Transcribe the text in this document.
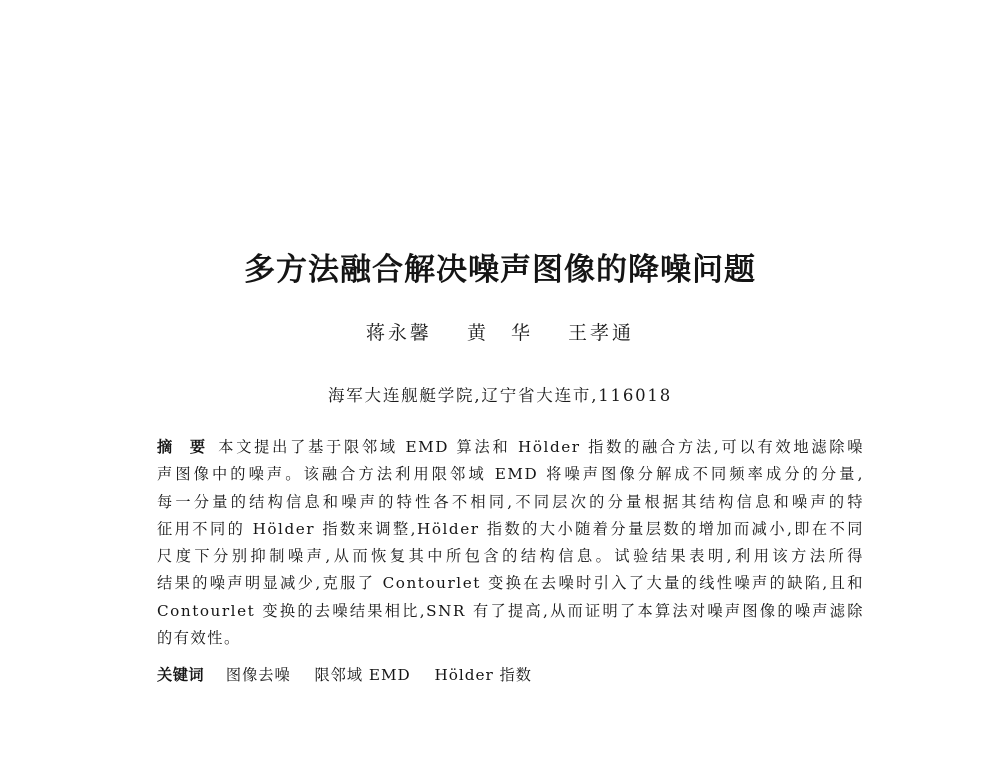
多方法融合解决噪声图像的降噪问题
蒋永馨 黄　华 王孝通
海军大连舰艇学院,辽宁省大连市,116018
摘　要 本文提出了基于限邻域 EMD 算法和 Hölder 指数的融合方法,可以有效地滤除噪
声图像中的噪声。该融合方法利用限邻域 EMD 将噪声图像分解成不同频率成分的分量,
每一分量的结构信息和噪声的特性各不相同,不同层次的分量根据其结构信息和噪声的特
征用不同的 Hölder 指数来调整,Hölder 指数的大小随着分量层数的增加而减小,即在不同
尺度下分别抑制噪声,从而恢复其中所包含的结构信息。试验结果表明,利用该方法所得
结果的噪声明显减少,克服了 Contourlet 变换在去噪时引入了大量的线性噪声的缺陷,且和
Contourlet 变换的去噪结果相比,SNR 有了提高,从而证明了本算法对噪声图像的噪声滤除
的有效性。
关键词 图像去噪 限邻域 EMD Hölder 指数
